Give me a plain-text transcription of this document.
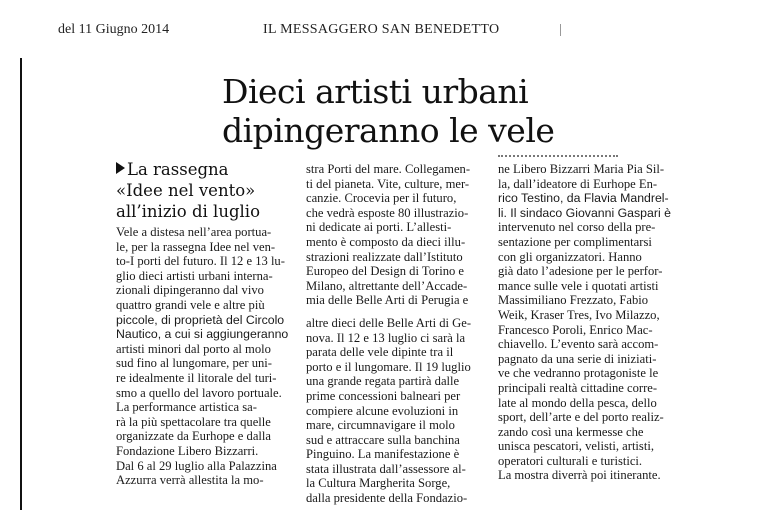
del 11 Giugno 2014	IL MESSAGGERO SAN BENEDETTO
Dieci artisti urbani
dipingeranno le vele
La rassegna
«Idee nel vento»
all’inizio di luglio
Vele a distesa nell’area portua-
le, per la rassegna Idee nel ven-
to-I porti del futuro. Il 12 e 13 lu-
glio dieci artisti urbani interna-
zionali dipingeranno dal vivo
quattro grandi vele e altre più
piccole, di proprietà del Circolo
Nautico, a cui si aggiungeranno
artisti minori dal porto al molo
sud fino al lungomare, per uni-
re idealmente il litorale del turi-
smo a quello del lavoro portuale.
La performance artistica sa-
rà la più spettacolare tra quelle
organizzate da Eurhope e dalla
Fondazione Libero Bizzarri.
Dal 6 al 29 luglio alla Palazzina
Azzurra verrà allestita la mo-
stra Porti del mare. Collegamen-
ti del pianeta. Vite, culture, mer-
canzie. Crocevia per il futuro,
che vedrà esposte 80 illustrazio-
ni dedicate ai porti. L’allesti-
mento è composto da dieci illu-
strazioni realizzate dall’Istituto
Europeo del Design di Torino e
Milano, altrettante dell’Accade-
mia delle Belle Arti di Perugia e
altre dieci delle Belle Arti di Ge-
nova. Il 12 e 13 luglio ci sarà la
parata delle vele dipinte tra il
porto e il lungomare. Il 19 luglio
una grande regata partirà dalle
prime concessioni balneari per
compiere alcune evoluzioni in
mare, circumnavigare il molo
sud e attraccare sulla banchina
Pinguino. La manifestazione è
stata illustrata dall’assessore al-
la Cultura Margherita Sorge,
dalla presidente della Fondazio-
ne Libero Bizzarri Maria Pia Sil-
la, dall’ideatore di Eurhope En-
rico Testino, da Flavia Mandrel-
li. Il sindaco Giovanni Gaspari è
intervenuto nel corso della pre-
sentazione per complimentarsi
con gli organizzatori. Hanno
già dato l’adesione per le perfor-
mance sulle vele i quotati artisti
Massimiliano Frezzato, Fabio
Weik, Kraser Tres, Ivo Milazzo,
Francesco Poroli, Enrico Mac-
chiavello. L’evento sarà accom-
pagnato da una serie di iniziati-
ve che vedranno protagoniste le
principali realtà cittadine corre-
late al mondo della pesca, dello
sport, dell’arte e del porto realiz-
zando così una kermesse che
unisca pescatori, velisti, artisti,
operatori culturali e turistici.
La mostra diverrà poi itinerante.
